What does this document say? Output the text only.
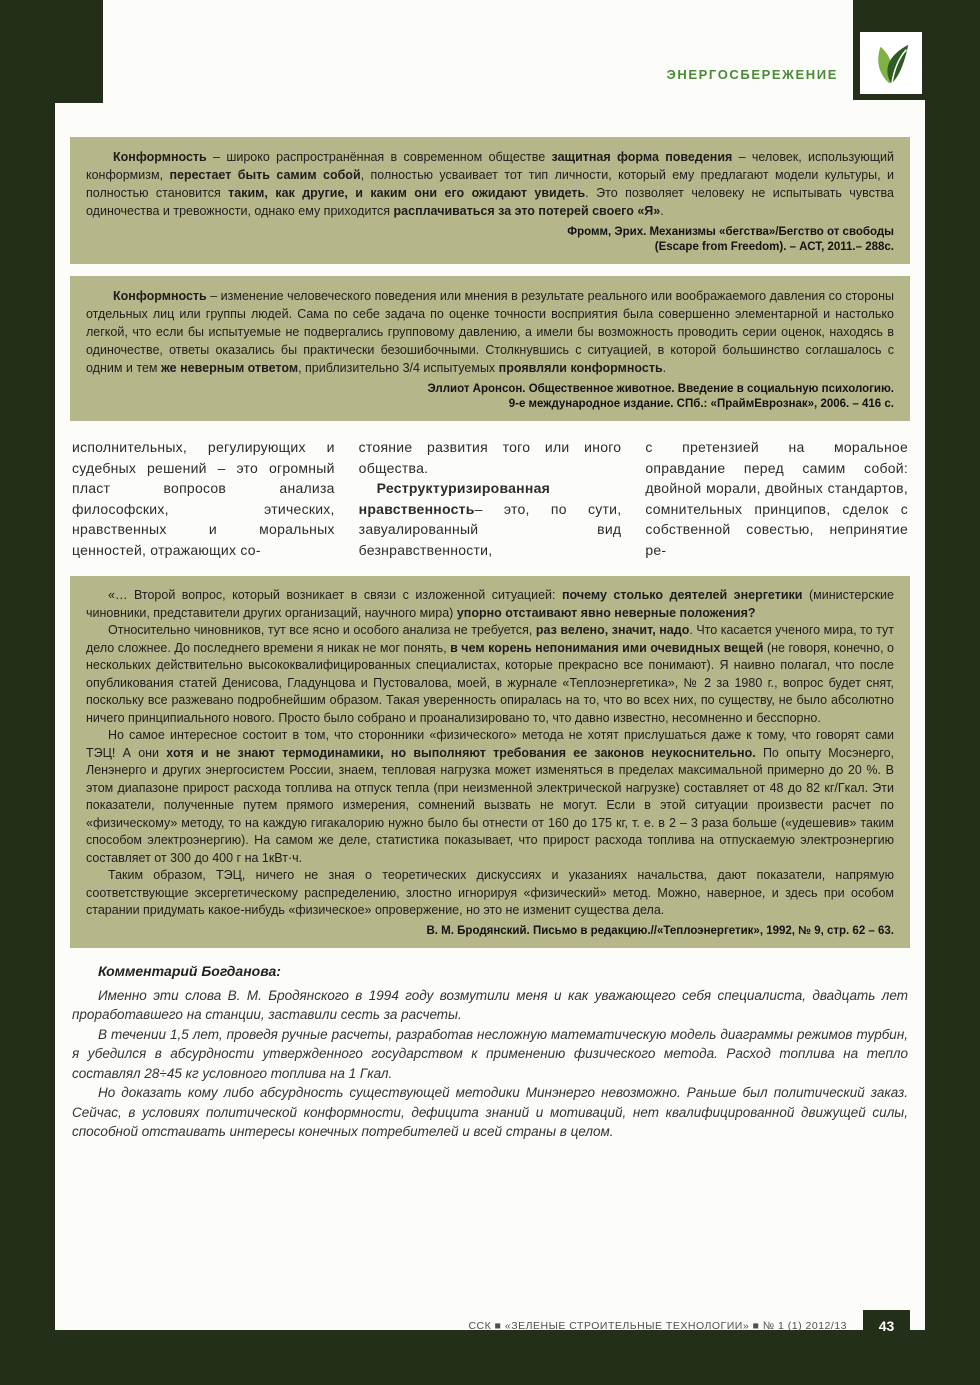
ЭНЕРГОСБЕРЕЖЕНИЕ

Конформность – широко распространённая в современном обществе защитная форма поведения – человек, использующий конформизм, перестает быть самим собой, полностью усваивает тот тип личности, который ему предлагают модели культуры, и полностью становится таким, как другие, и каким они его ожидают увидеть. Это позволяет человеку не испытывать чувства одиночества и тревожности, однако ему приходится расплачиваться за это потерей своего «Я».

Фромм, Эрих. Механизмы «бегства»/Бегство от свободы

(Escape from Freedom). – АСТ, 2011.– 288с.

Конформность – изменение человеческого поведения или мнения в результате реального или воображаемого давления со стороны отдельных лиц или группы людей. Сама по себе задача по оценке точности восприятия была совершенно элементарной и настолько легкой, что если бы испытуемые не подвергались групповому давлению, а имели бы возможность проводить серии оценок, находясь в одиночестве, ответы оказались бы практически безошибочными. Столкнувшись с ситуацией, в которой большинство соглашалось с одним и тем же неверным ответом, приблизительно 3/4 испытуемых проявляли конформность.

Эллиот Аронсон. Общественное животное. Введение в социальную психологию.

9-е международное издание. СПб.: «ПраймЕврознак», 2006. – 416 с.

исполнительных, регулирующих и судебных решений – это огромный пласт вопросов анализа философских, этических, нравственных и моральных ценностей, отражающих со-

стояние развития того или иного общества.

Реструктуризированная нравственность– это, по сути, завуалированный вид безнравственности,

с претензией на моральное оправдание перед самим собой: двойной морали, двойных стандартов, сомнительных принципов, сделок с собственной совестью, непринятие ре-

«… Второй вопрос, который возникает в связи с изложенной ситуацией: почему столько деятелей энергетики (министерские чиновники, представители других организаций, научного мира) упорно отстаивают явно неверные положения?

Относительно чиновников, тут все ясно и особого анализа не требуется, раз велено, значит, надо. Что касается ученого мира, то тут дело сложнее. До последнего времени я никак не мог понять, в чем корень непонимания ими очевидных вещей (не говоря, конечно, о нескольких действительно высококвалифицированных специалистах, которые прекрасно все понимают). Я наивно полагал, что после опубликования статей Денисова, Гладунцова и Пустовалова, моей, в журнале «Теплоэнергетика», № 2 за 1980 г., вопрос будет снят, поскольку все разжевано подробнейшим образом. Такая уверенность опиралась на то, что во всех них, по существу, не было абсолютно ничего принципиального нового. Просто было собрано и проанализировано то, что давно известно, несомненно и бесспорно.

Но самое интересное состоит в том, что сторонники «физического» метода не хотят прислушаться даже к тому, что говорят сами ТЭЦ! А они хотя и не знают термодинамики, но выполняют требования ее законов неукоснительно. По опыту Мосэнерго, Ленэнерго и других энергосистем России, знаем, тепловая нагрузка может изменяться в пределах максимальной примерно до 20 %. В этом диапазоне прирост расхода топлива на отпуск тепла (при неизменной электрической нагрузке) составляет от 48 до 82 кг/Гкал. Эти показатели, полученные путем прямого измерения, сомнений вызвать не могут. Если в этой ситуации произвести расчет по «физическому» методу, то на каждую гигакалорию нужно было бы отнести от 160 до 175 кг, т. е. в 2 – 3 раза больше («удешевив» таким способом электроэнергию). На самом же деле, статистика показывает, что прирост расхода топлива на отпускаемую электроэнергию составляет от 300 до 400 г на 1кВт·ч.

Таким образом, ТЭЦ, ничего не зная о теоретических дискуссиях и указаниях начальства, дают показатели, напрямую соответствующие эксергетическому распределению, злостно игнорируя «физический» метод. Можно, наверное, и здесь при особом старании придумать какое-нибудь «физическое» опровержение, но это не изменит существа дела.

В. М. Бродянский. Письмо в редакцию.//«Теплоэнергетик», 1992, № 9, стр. 62 – 63.

Комментарий Богданова:

Именно эти слова В. М. Бродянского в 1994 году возмутили меня и как уважающего себя специалиста, двадцать лет проработавшего на станции, заставили сесть за расчеты.

В течении 1,5 лет, проведя ручные расчеты, разработав несложную математическую модель диаграммы режимов турбин, я убедился в абсурдности утвержденного государством к применению физического метода. Расход топлива на тепло составлял 28÷45 кг условного топлива на 1 Гкал.

Но доказать кому либо абсурдность существующей методики Минэнерго невозможно. Раньше был политический заказ. Сейчас, в условиях политической конформности, дефицита знаний и мотиваций, нет квалифицированной движущей силы, способной отстаивать интересы конечных потребителей и всей страны в целом.

ССК ■ «ЗЕЛЕНЫЕ СТРОИТЕЛЬНЫЕ ТЕХНОЛОГИИ» ■ № 1 (1) 2012/13	43
